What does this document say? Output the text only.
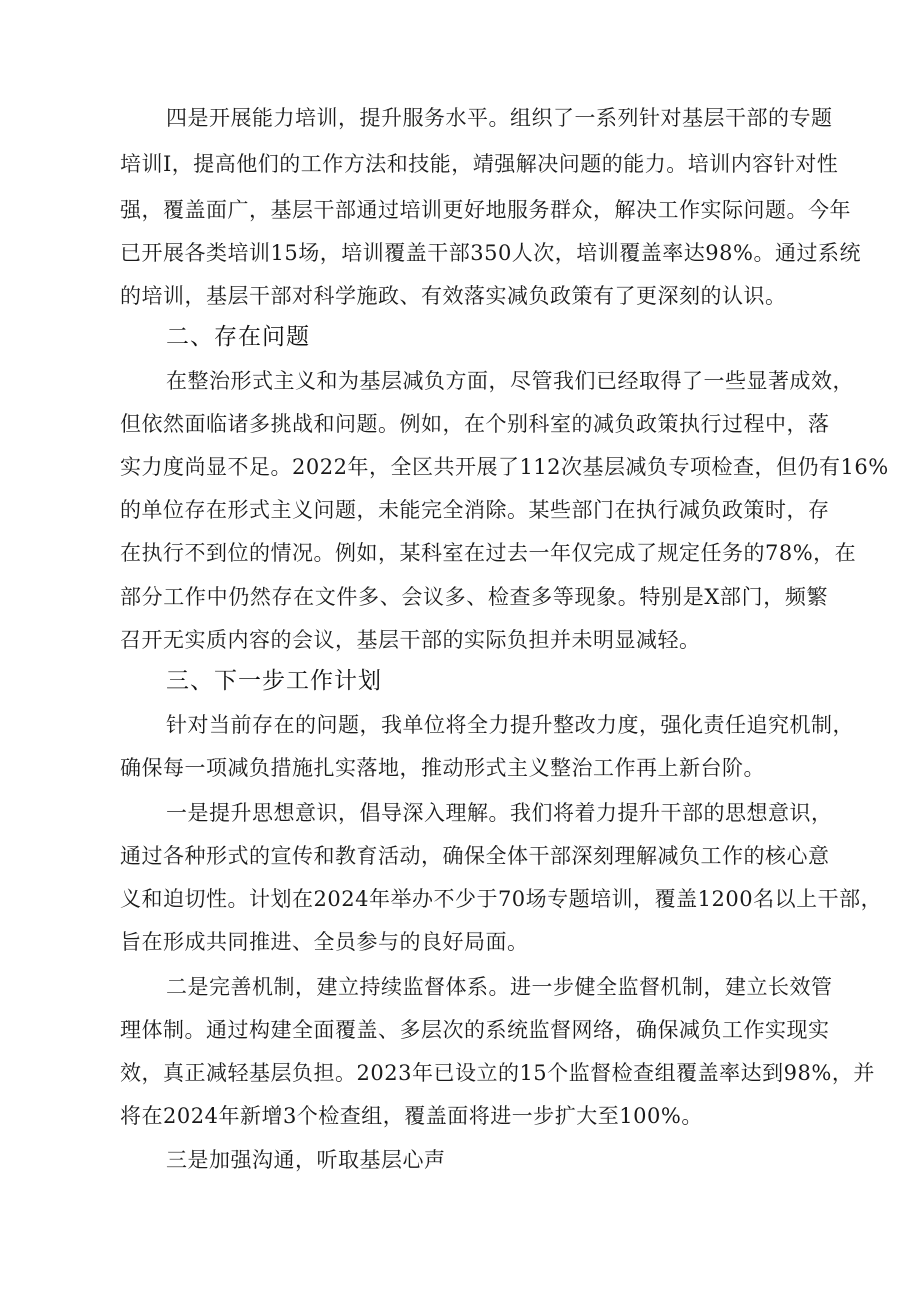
四是开展能力培训，提升服务水平。组织了一系列针对基层干部的专题
培训I，提高他们的工作方法和技能，靖强解决问题的能力。培训内容针对性
强，覆盖面广，基层干部通过培训更好地服务群众，解决工作实际问题。今年
已开展各类培训15场，培训覆盖干部350人次，培训覆盖率达98%。通过系统
的培训，基层干部对科学施政、有效落实减负政策有了更深刻的认识。
二、存在问题
在整治形式主义和为基层减负方面，尽管我们已经取得了一些显著成效，
但依然面临诸多挑战和问题。例如，在个别科室的减负政策执行过程中，落
实力度尚显不足。2022年，全区共开展了112次基层减负专项检查，但仍有16%
的单位存在形式主义问题，未能完全消除。某些部门在执行减负政策时，存
在执行不到位的情况。例如，某科室在过去一年仅完成了规定任务的78%，在
部分工作中仍然存在文件多、会议多、检查多等现象。特别是X部门，频繁
召开无实质内容的会议，基层干部的实际负担并未明显减轻。
三、下一步工作计划
针对当前存在的问题，我单位将全力提升整改力度，强化责任追究机制，
确保每一项减负措施扎实落地，推动形式主义整治工作再上新台阶。
一是提升思想意识，倡导深入理解。我们将着力提升干部的思想意识，
通过各种形式的宣传和教育活动，确保全体干部深刻理解减负工作的核心意
义和迫切性。计划在2024年举办不少于70场专题培训，覆盖1200名以上干部，
旨在形成共同推进、全员参与的良好局面。
二是完善机制，建立持续监督体系。进一步健全监督机制，建立长效管
理体制。通过构建全面覆盖、多层次的系统监督网络，确保减负工作实现实
效，真正减轻基层负担。2023年已设立的15个监督检查组覆盖率达到98%，并
将在2024年新增3个检查组，覆盖面将进一步扩大至100%。
三是加强沟通，听取基层心声
